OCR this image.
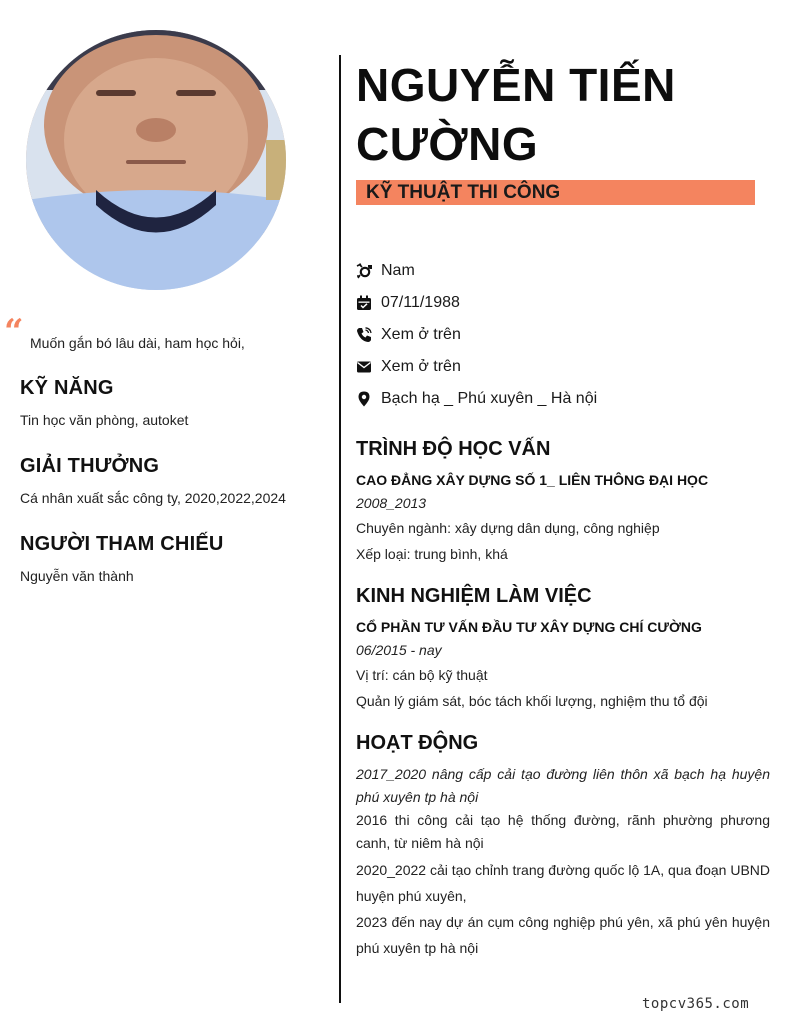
“ Muốn gắn bó lâu dài, ham học hỏi,
KỸ NĂNG
Tin học văn phòng, autoket
GIẢI THƯỞNG
Cá nhân xuất sắc công ty, 2020,2022,2024
NGƯỜI THAM CHIẾU
Nguyễn văn thành
NGUYỄN TIẾN CƯỜNG
KỸ THUẬT THI CÔNG
Nam
07/11/1988
Xem ở trên
Xem ở trên
Bạch hạ _ Phú xuyên _ Hà nội
TRÌNH ĐỘ HỌC VẤN
CAO ĐẲNG XÂY DỰNG SỐ 1_ LIÊN THÔNG ĐẠI HỌC
2008_2013
Chuyên ngành: xây dựng dân dụng, công nghiệp
Xếp loại: trung bình, khá
KINH NGHIỆM LÀM VIỆC
CỔ PHẦN TƯ VẤN ĐẦU TƯ XÂY DỰNG CHÍ CƯỜNG
06/2015 - nay
Vị trí: cán bộ kỹ thuật
Quản lý giám sát, bóc tách khối lượng, nghiệm thu tổ đội
HOẠT ĐỘNG
2017_2020 nâng cấp cải tạo đường liên thôn xã bạch hạ huyện phú xuyên tp hà nội
2016 thi công cải tạo hệ thống đường, rãnh phường phương canh, từ niêm hà nội
2020_2022 cải tạo chỉnh trang đường quốc lộ 1A, qua đoạn UBND huyện phú xuyên,
2023 đến nay dự án cụm công nghiệp phú yên, xã phú yên huyện phú xuyên tp hà nội
topcv365.com
